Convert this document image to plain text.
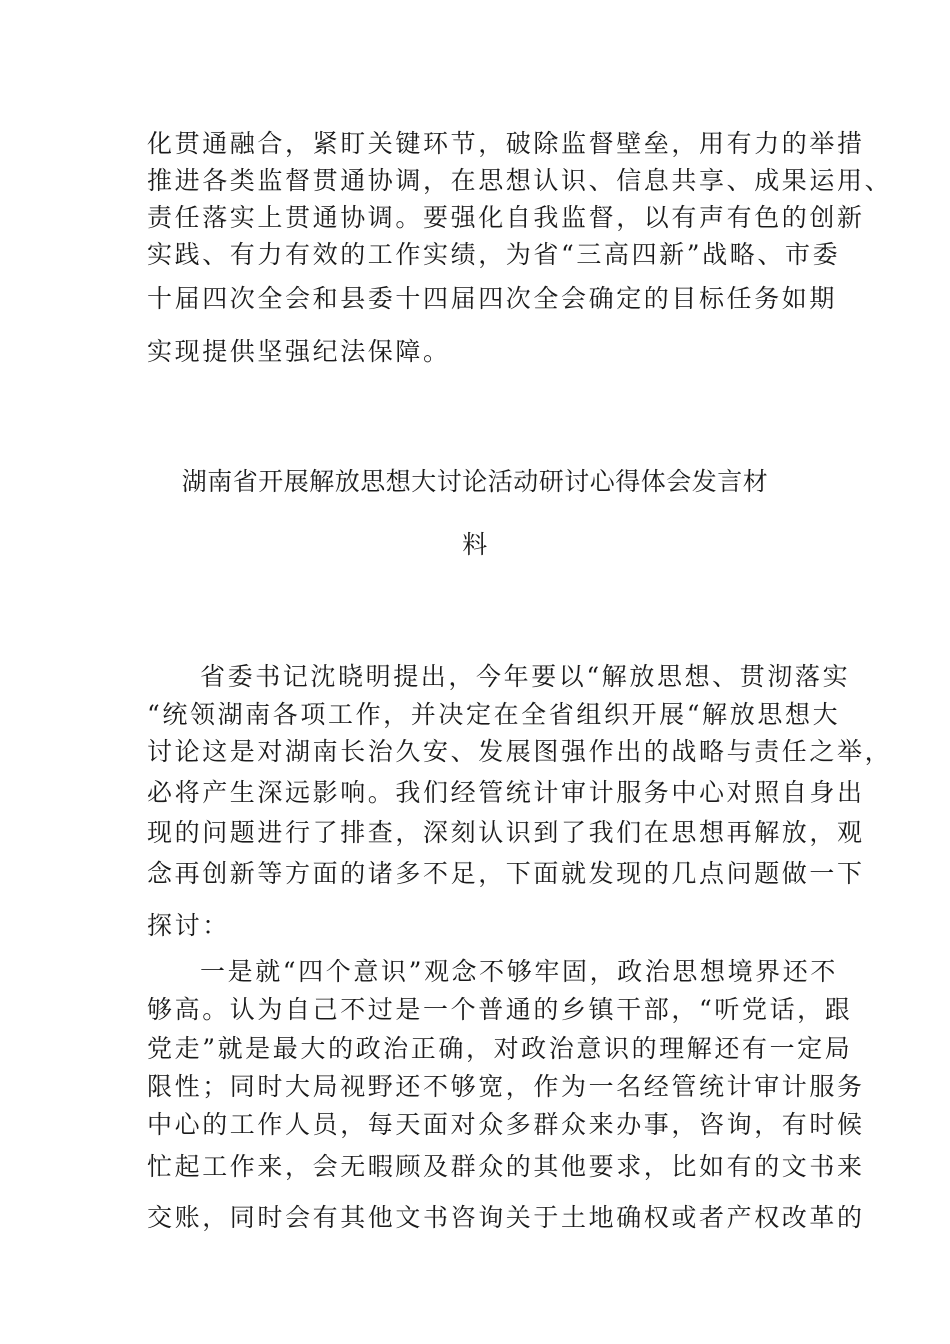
化贯通融合，紧盯关键环节，破除监督壁垒，用有力的举措
推进各类监督贯通协调，在思想认识、信息共享、成果运用、
责任落实上贯通协调。要强化自我监督，以有声有色的创新
实践、有力有效的工作实绩，为省“三高四新”战略、市委
十届四次全会和县委十四届四次全会确定的目标任务如期
实现提供坚强纪法保障。
湖南省开展解放思想大讨论活动研讨心得体会发言材
料
省委书记沈晓明提出，今年要以“解放思想、贯沏落实
“统领湖南各项工作，并决定在全省组织开展“解放思想大
讨论这是对湖南长治久安、发展图强作出的战略与责任之举，
必将产生深远影响。我们经管统计审计服务中心对照自身出
现的问题进行了排查，深刻认识到了我们在思想再解放，观
念再创新等方面的诸多不足，下面就发现的几点问题做一下
探讨：
一是就“四个意识”观念不够牢固，政治思想境界还不
够高。认为自己不过是一个普通的乡镇干部，“听党话，跟
党走”就是最大的政治正确，对政治意识的理解还有一定局
限性；同时大局视野还不够宽，作为一名经管统计审计服务
中心的工作人员，每天面对众多群众来办事，咨询，有时候
忙起工作来，会无暇顾及群众的其他要求，比如有的文书来
交账，同时会有其他文书咨询关于土地确权或者产权改革的
